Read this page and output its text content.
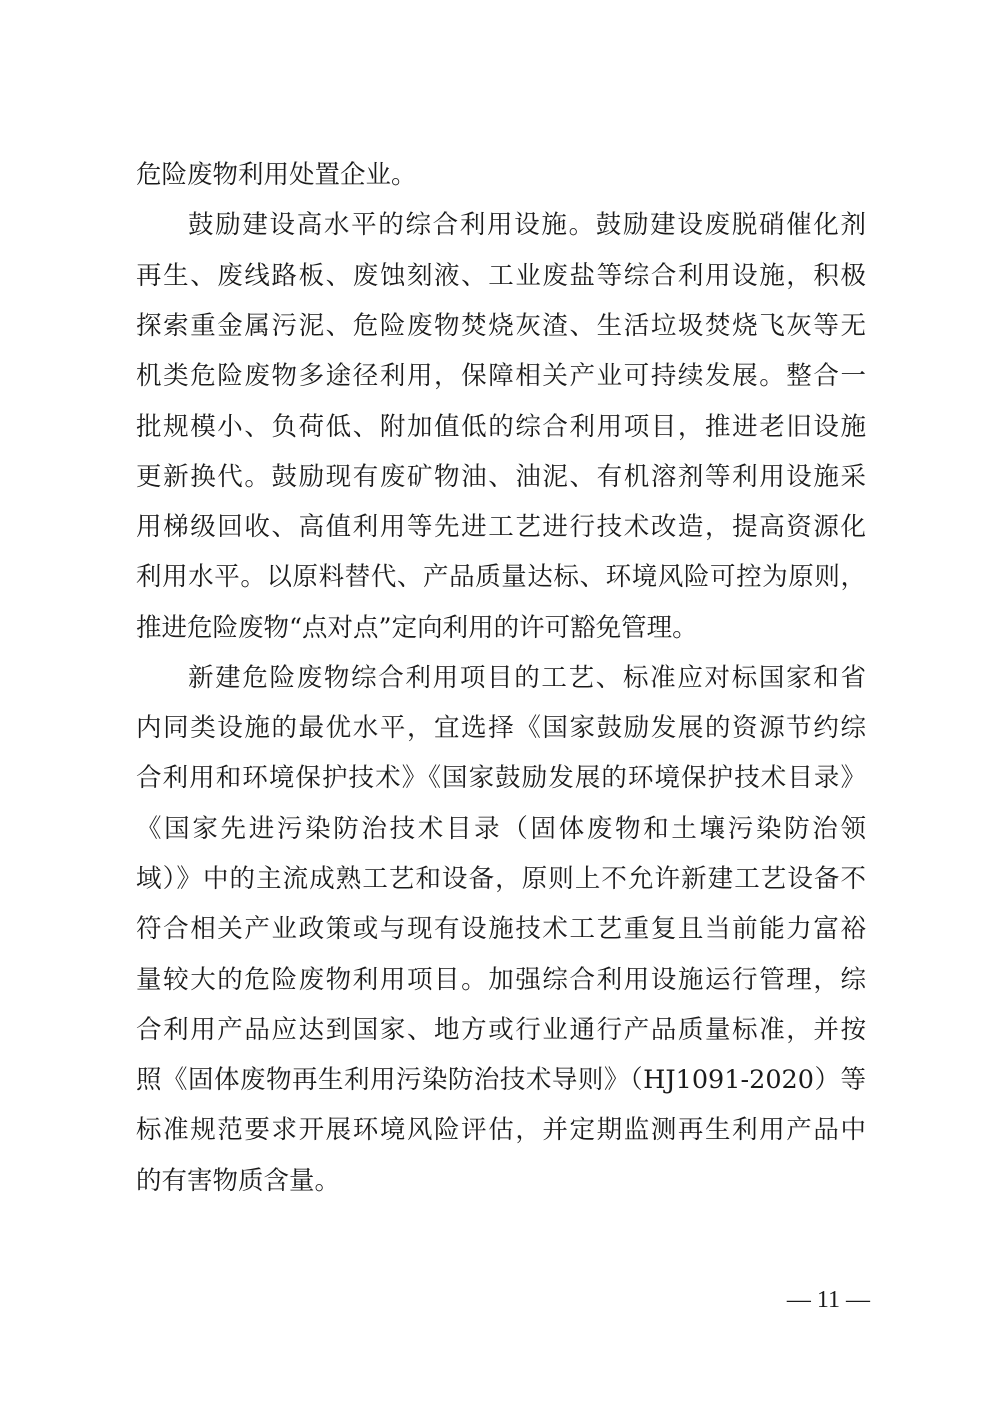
危险废物利用处置企业。
鼓励建设高水平的综合利用设施。鼓励建设废脱硝催化剂
再生、废线路板、废蚀刻液、工业废盐等综合利用设施，积极
探索重金属污泥、危险废物焚烧灰渣、生活垃圾焚烧飞灰等无
机类危险废物多途径利用，保障相关产业可持续发展。整合一
批规模小、负荷低、附加值低的综合利用项目，推进老旧设施
更新换代。鼓励现有废矿物油、油泥、有机溶剂等利用设施采
用梯级回收、高值利用等先进工艺进行技术改造，提高资源化
利用水平。以原料替代、产品质量达标、环境风险可控为原则，
推进危险废物“点对点”定向利用的许可豁免管理。
新建危险废物综合利用项目的工艺、标准应对标国家和省
内同类设施的最优水平，宜选择《国家鼓励发展的资源节约综
合利用和环境保护技术》《国家鼓励发展的环境保护技术目录》
《国家先进污染防治技术目录（固体废物和土壤污染防治领
域）》中的主流成熟工艺和设备，原则上不允许新建工艺设备不
符合相关产业政策或与现有设施技术工艺重复且当前能力富裕
量较大的危险废物利用项目。加强综合利用设施运行管理，综
合利用产品应达到国家、地方或行业通行产品质量标准，并按
照《固体废物再生利用污染防治技术导则》（HJ1091-2020）等
标准规范要求开展环境风险评估，并定期监测再生利用产品中
的有害物质含量。
— 11 —
